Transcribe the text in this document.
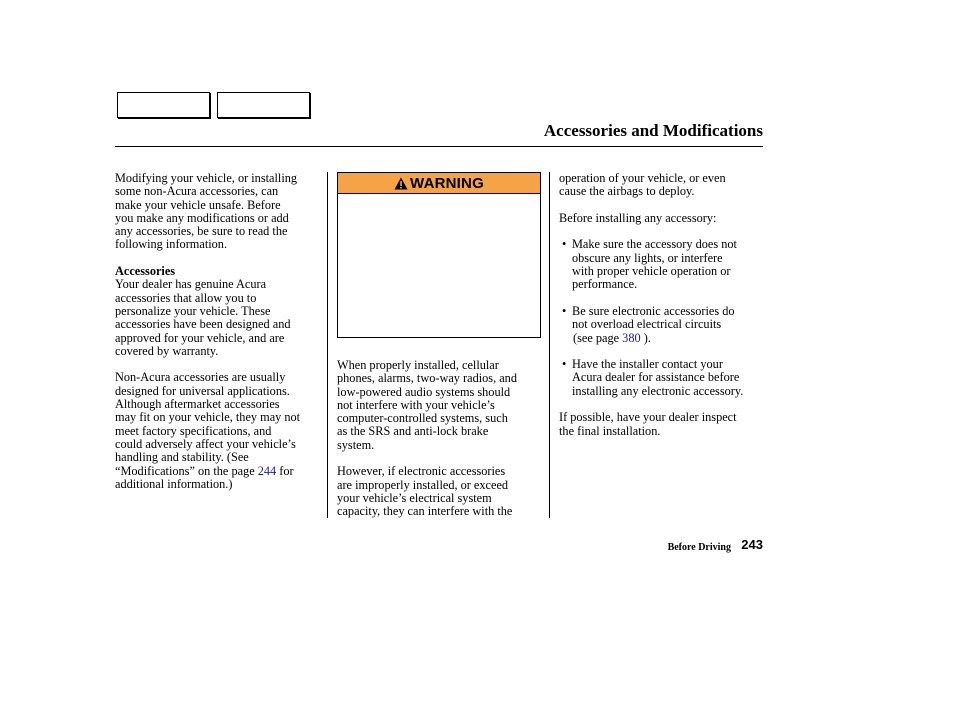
Accessories and Modifications

Modifying your vehicle, or installing

some non-Acura accessories, can

make your vehicle unsafe. Before

you make any modifications or add

any accessories, be sure to read the

following information.

Accessories

Your dealer has genuine Acura

accessories that allow you to

personalize your vehicle. These

accessories have been designed and

approved for your vehicle, and are

covered by warranty.

Non-Acura accessories are usually

designed for universal applications.

Although aftermarket accessories

may fit on your vehicle, they may not

meet factory specifications, and

could adversely affect your vehicle’s

handling and stability. (See

“Modifications” on the page 244 for

additional information.)

WARNING

When properly installed, cellular

phones, alarms, two-way radios, and

low-powered audio systems should

not interfere with your vehicle’s

computer-controlled systems, such

as the SRS and anti-lock brake

system.

However, if electronic accessories

are improperly installed, or exceed

your vehicle’s electrical system

capacity, they can interfere with the

operation of your vehicle, or even

cause the airbags to deploy.

Before installing any accessory:

• Make sure the accessory does not

obscure any lights, or interfere

with proper vehicle operation or

performance.

• Be sure electronic accessories do

not overload electrical circuits

(see page 380 ).

• Have the installer contact your

Acura dealer for assistance before

installing any electronic accessory.

If possible, have your dealer inspect

the final installation.

Before Driving 243
